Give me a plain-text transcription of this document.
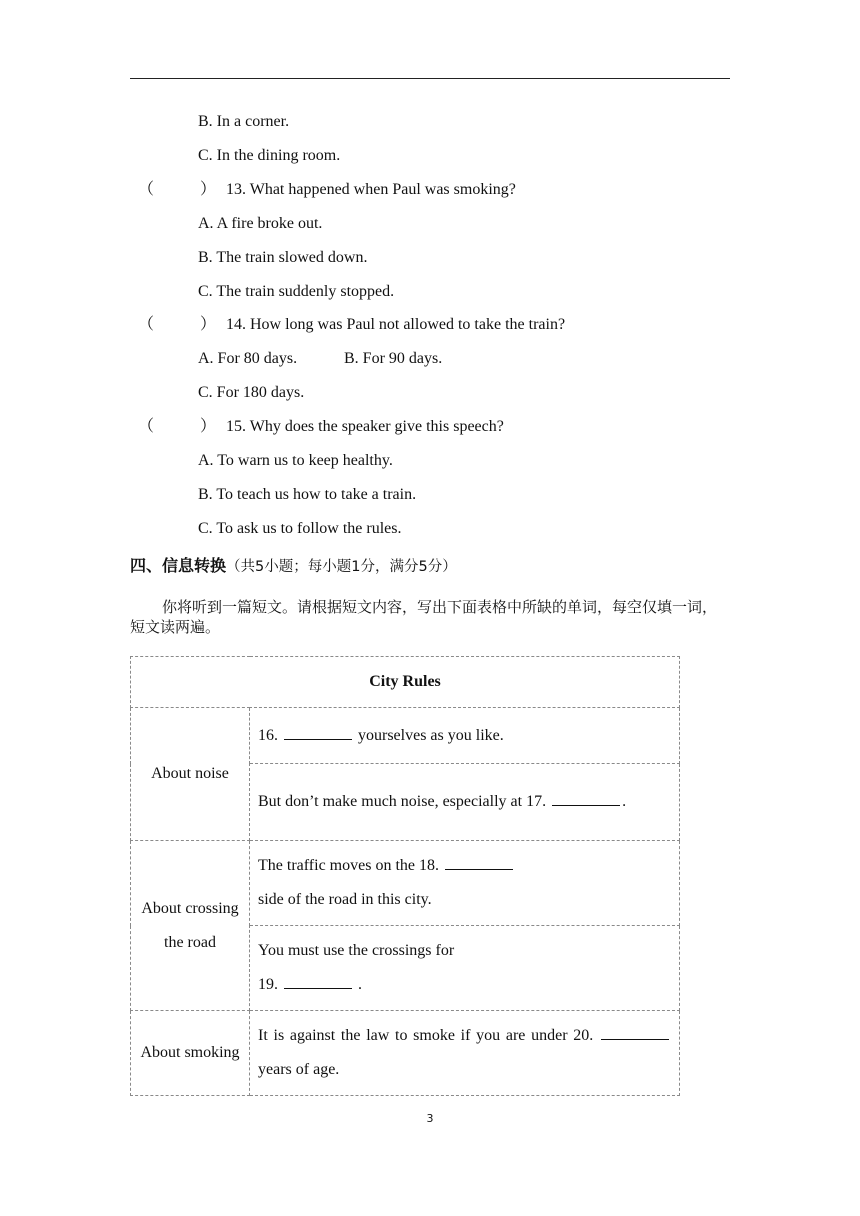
B. In a corner.
C. In the dining room.
（	） 13. What happened when Paul was smoking?
A. A fire broke out.
B. The train slowed down.
C. The train suddenly stopped.
（	） 14. How long was Paul not allowed to take the train?
A. For 80 days.	B. For 90 days.
C. For 180 days.
（	） 15. Why does the speaker give this speech?
A. To warn us to keep healthy.
B. To teach us how to take a train.
C. To ask us to follow the rules.
四、信息转换（共5小题；每小题1分，满分5分）
你将听到一篇短文。请根据短文内容，写出下面表格中所缺的单词，每空仅填一词，短文读两遍。
City Rules	
About noise	16. yourselves as you like.
	But don’t make much noise, especially at 17. .
About crossing the road	The traffic moves on the 18.
side of the road in this city.
	You must use the crossings for
19. .
About smoking	It is against the law to smoke if you are under 20.  years of age.
3
